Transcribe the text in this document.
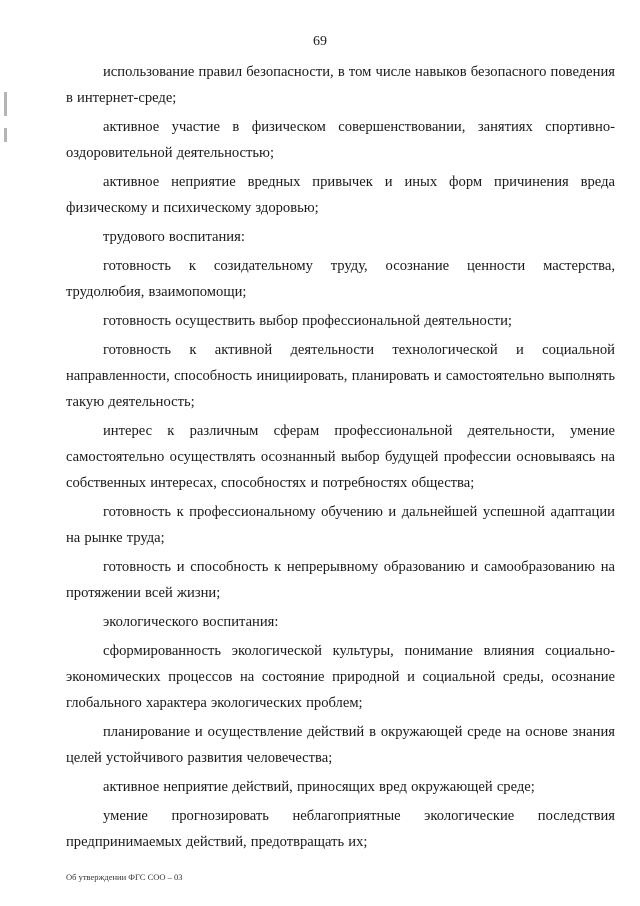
69

использование правил безопасности, в том числе навыков безопасного поведения в интернет-среде;

активное участие в физическом совершенствовании, занятиях спортивно-оздоровительной деятельностью;

активное неприятие вредных привычек и иных форм причинения вреда физическому и психическому здоровью;

трудового воспитания:

готовность к созидательному труду, осознание ценности мастерства, трудолюбия, взаимопомощи;

готовность осуществить выбор профессиональной деятельности;

готовность к активной деятельности технологической и социальной направленности, способность инициировать, планировать и самостоятельно выполнять такую деятельность;

интерес к различным сферам профессиональной деятельности, умение самостоятельно осуществлять осознанный выбор будущей профессии основываясь на собственных интересах, способностях и потребностях общества;

готовность к профессиональному обучению и дальнейшей успешной адаптации на рынке труда;

готовность и способность к непрерывному образованию и самообразованию на протяжении всей жизни;

экологического воспитания:

сформированность экологической культуры, понимание влияния социально-экономических процессов на состояние природной и социальной среды, осознание глобального характера экологических проблем;

планирование и осуществление действий в окружающей среде на основе знания целей устойчивого развития человечества;

активное неприятие действий, приносящих вред окружающей среде;

умение прогнозировать неблагоприятные экологические последствия предпринимаемых действий, предотвращать их;

Об утверждении ФГС СОО – 03
